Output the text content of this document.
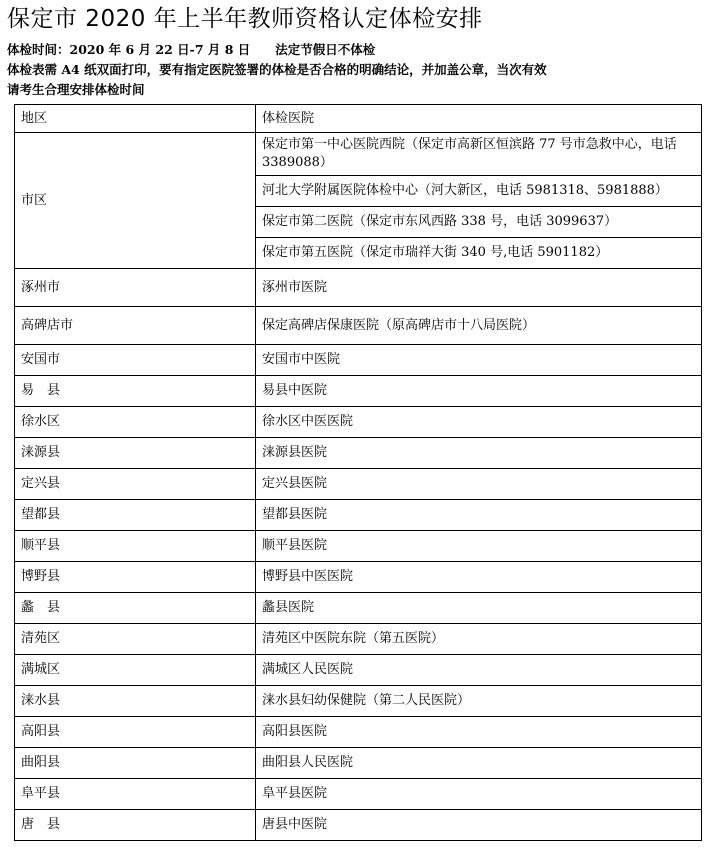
保定市 2020 年上半年教师资格认定体检安排
体检时间：2020 年 6 月 22 日-7 月 8 日　　法定节假日不体检
体检表需 A4 纸双面打印，要有指定医院签署的体检是否合格的明确结论，并加盖公章，当次有效
请考生合理安排体检时间
地区	体检医院
市区	保定市第一中心医院西院（保定市高新区恒滨路 77 号市急救中心，电话 3389088）
	河北大学附属医院体检中心（河大新区，电话 5981318、5981888）
	保定市第二医院（保定市东风西路 338 号，电话 3099637）
	保定市第五医院（保定市瑞祥大街 340 号,电话 5901182）
涿州市	涿州市医院
高碑店市	保定高碑店保康医院（原高碑店市十八局医院）
安国市	安国市中医院
易　县	易县中医院
徐水区	徐水区中医医院
涞源县	涞源县医院
定兴县	定兴县医院
望都县	望都县医院
顺平县	顺平县医院
博野县	博野县中医医院
蠡　县	蠡县医院
清苑区	清苑区中医院东院（第五医院）
满城区	满城区人民医院
涞水县	涞水县妇幼保健院（第二人民医院）
高阳县	高阳县医院
曲阳县	曲阳县人民医院
阜平县	阜平县医院
唐　县	唐县中医院
